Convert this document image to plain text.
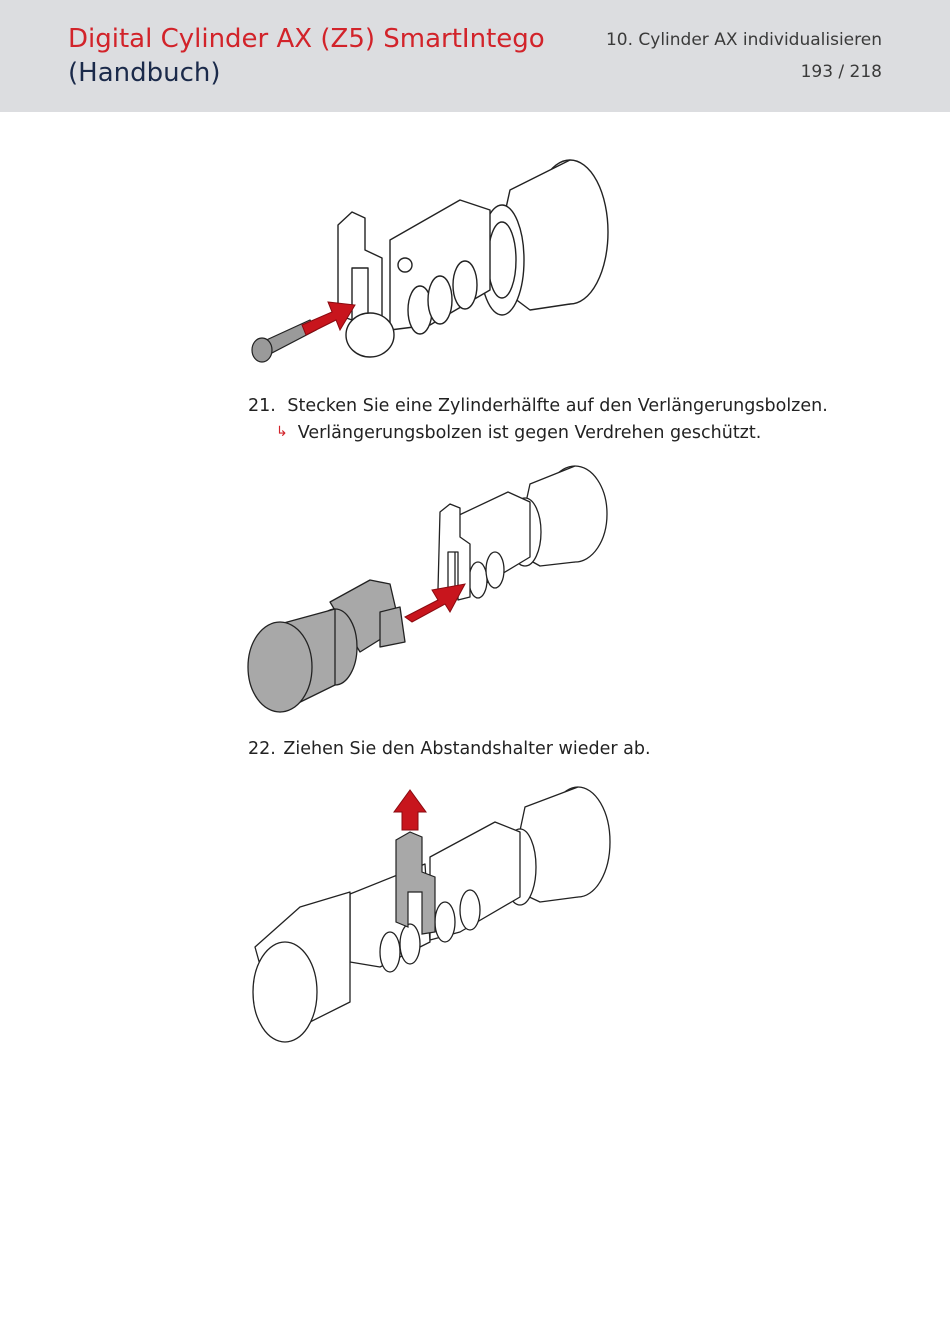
Digital Cylinder AX (Z5) SmartIntego
(Handbuch)
10. Cylinder AX individualisieren
193 / 218
21. Stecken Sie eine Zylinderhälfte auf den Verlängerungsbolzen.
↳ Verlängerungsbolzen ist gegen Verdrehen geschützt.
22. Ziehen Sie den Abstandshalter wieder ab.
